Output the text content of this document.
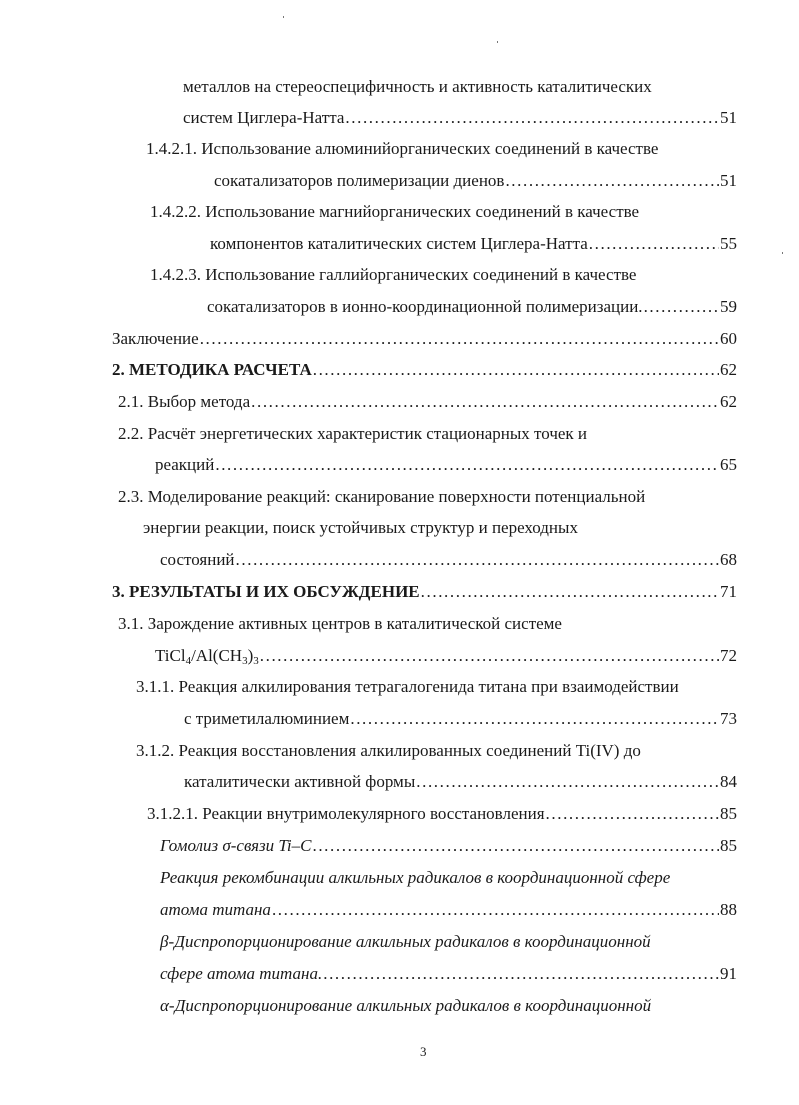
металлов на стереоспецифичность и активность каталитических
систем Циглера-Натта .....	51
1.4.2.1. Использование алюминийорганических соединений в качестве
сокатализаторов полимеризации диенов .....	51
1.4.2.2. Использование магнийорганических соединений в качестве
компонентов каталитических систем Циглера-Натта .....	55
1.4.2.3. Использование галлийорганических соединений в качестве
сокатализаторов в ионно-координационной полимеризации. .....	59
Заключение .....	60
2. МЕТОДИКА РАСЧЕТА .....	62
2.1. Выбор метода .....	62
2.2. Расчёт энергетических характеристик стационарных точек и
реакций .....	65
2.3. Моделирование реакций: сканирование поверхности потенциальной
энергии реакции, поиск устойчивых структур и переходных
состояний .....	68
3. РЕЗУЛЬТАТЫ И ИХ ОБСУЖДЕНИЕ .....	71
3.1. Зарождение активных центров в каталитической системе
$TiCl_4/Al(CH_3)_3$ .....	72
3.1.1. Реакция алкилирования тетрагалогенида титана при взаимодействии
с триметилалюминием .....	73
3.1.2. Реакция восстановления алкилированных соединений Ti(IV) до
каталитически активной формы .....	84
3.1.2.1. Реакции внутримолекулярного восстановления .....	85
Гомолиз σ-связи Ti–C .....	85
Реакция рекомбинации алкильных радикалов в координационной сфере
атома титана .....	88
β-Диспропорционирование алкильных радикалов в координационной
сфере атома титана. .....	91
α-Диспропорционирование алкильных радикалов в координационной
3
